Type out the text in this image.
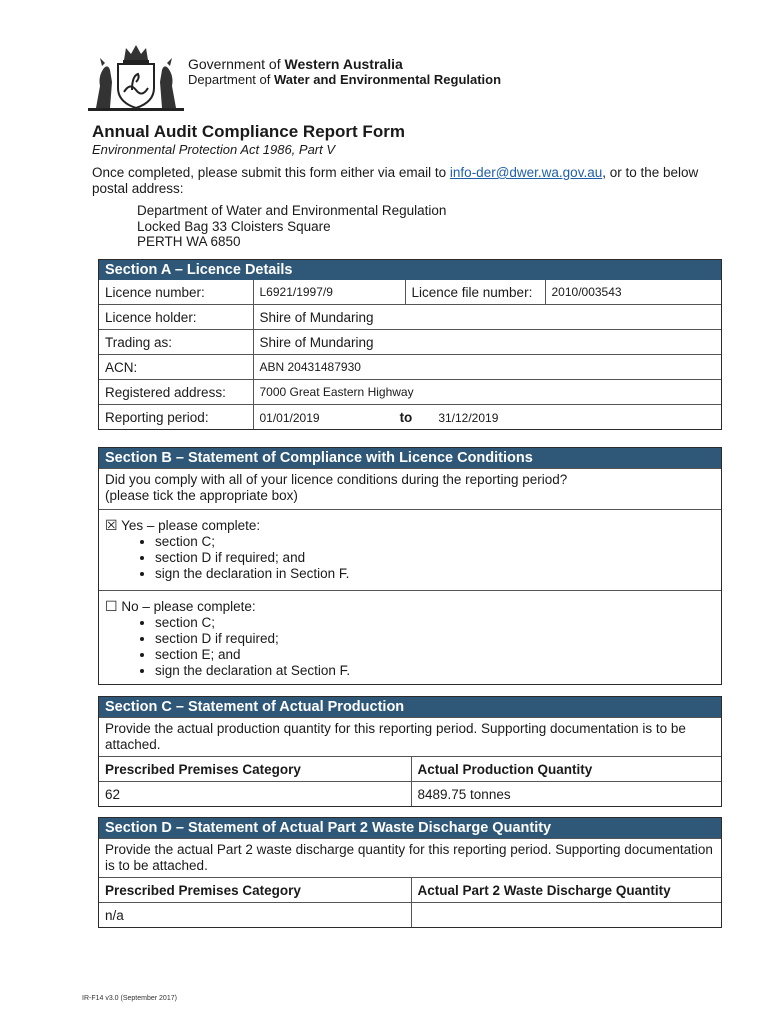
Government of Western Australia
Department of Water and Environmental Regulation
Annual Audit Compliance Report Form
Environmental Protection Act 1986, Part V
Once completed, please submit this form either via email to info-der@dwer.wa.gov.au, or to the below postal address:
Department of Water and Environmental Regulation
Locked Bag 33 Cloisters Square
PERTH WA 6850
Section A – Licence Details
Licence number:	L6921/1997/9	Licence file number:	2010/003543
Licence holder:	Shire of Mundaring		
Trading as:	Shire of Mundaring		
ACN:	ABN 20431487930		
Registered address:	7000 Great Eastern Highway		
Reporting period:	01/01/2019 to 31/12/2019		
Section B – Statement of Compliance with Licence Conditions
Did you comply with all of your licence conditions during the reporting period?
(please tick the appropriate box)
☒ Yes – please complete:
• section C;
• section D if required; and
• sign the declaration in Section F.
☐ No – please complete:
• section C;
• section D if required;
• section E; and
• sign the declaration at Section F.
Section C – Statement of Actual Production
Provide the actual production quantity for this reporting period. Supporting documentation is to be attached.
Prescribed Premises Category	Actual Production Quantity
62	8489.75 tonnes
Section D – Statement of Actual Part 2 Waste Discharge Quantity
Provide the actual Part 2 waste discharge quantity for this reporting period. Supporting documentation is to be attached.
Prescribed Premises Category	Actual Part 2 Waste Discharge Quantity
n/a	
IR-F14 v3.0 (September 2017)
